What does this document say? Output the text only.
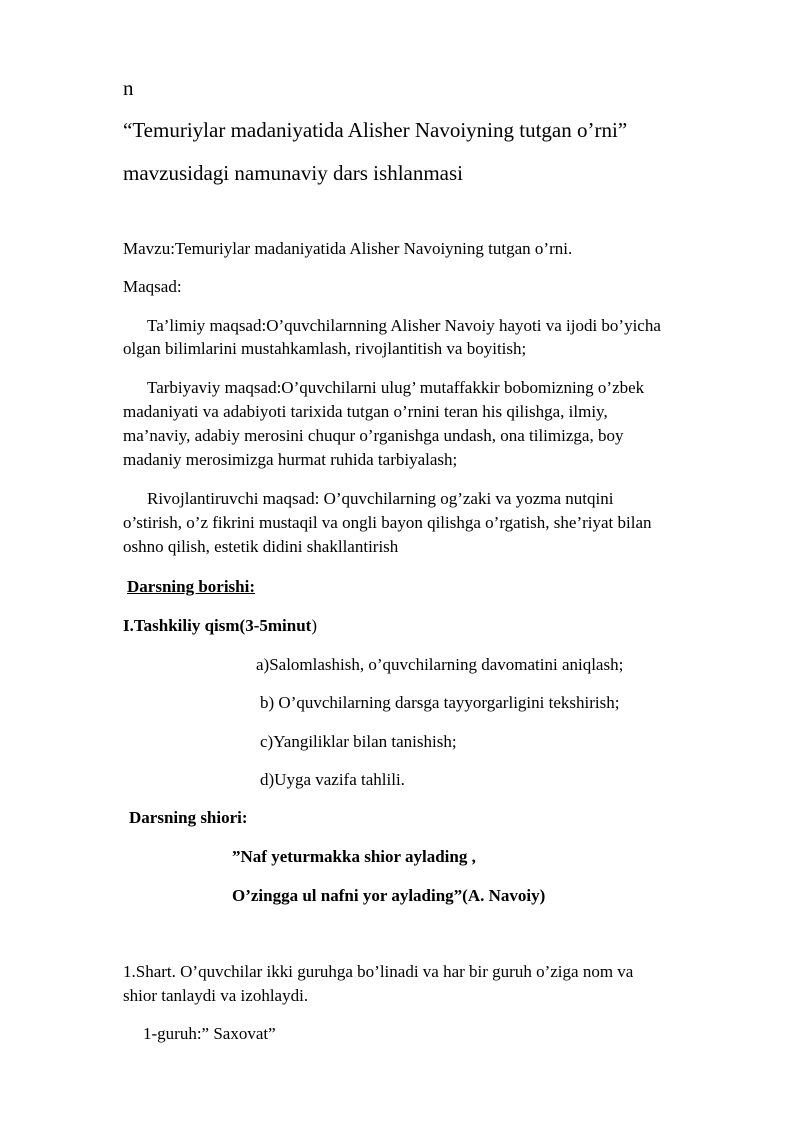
n

“Temuriylar madaniyatida Alisher Navoiyning tutgan o’rni”

mavzusidagi namunaviy dars ishlanmasi

Mavzu:Temuriylar madaniyatida Alisher Navoiyning tutgan o’rni.

Maqsad:

Ta’limiy maqsad:O’quvchilarnning Alisher Navoiy hayoti va ijodi bo’yicha

olgan bilimlarini mustahkamlash, rivojlantitish va boyitish;

Tarbiyaviy maqsad:O’quvchilarni ulug’ mutaffakkir bobomizning o’zbek

madaniyati va adabiyoti tarixida tutgan o’rnini teran his qilishga, ilmiy,

ma’naviy, adabiy merosini chuqur o’rganishga undash, ona tilimizga, boy

madaniy merosimizga hurmat ruhida tarbiyalash;

Rivojlantiruvchi maqsad: O’quvchilarning og’zaki va yozma nutqini

o’stirish, o’z fikrini mustaqil va ongli bayon qilishga o’rgatish, she’riyat bilan

oshno qilish, estetik didini shakllantirish

Darsning borishi:

I.Tashkiliy qism(3-5minut)

a)Salomlashish, o’quvchilarning davomatini aniqlash;

b) O’quvchilarning darsga tayyorgarligini tekshirish;

c)Yangiliklar bilan tanishish;

d)Uyga vazifa tahlili.

Darsning shiori:

”Naf yeturmakka shior aylading ,

O’zingga ul nafni yor aylading”(A. Navoiy)

1.Shart. O’quvchilar ikki guruhga bo’linadi va har bir guruh o’ziga nom va

shior tanlaydi va izohlaydi.

1-guruh:” Saxovat”
